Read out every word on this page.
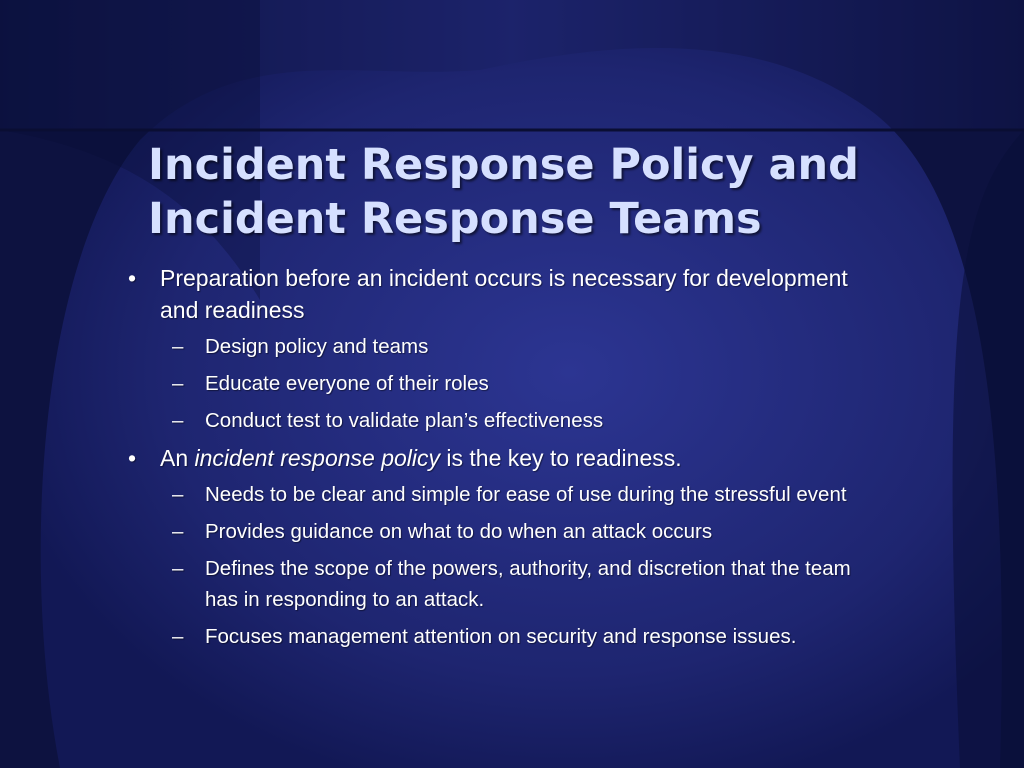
Incident Response Policy and
Incident Response Teams
• Preparation before an incident occurs is necessary for development and readiness
– Design policy and teams
– Educate everyone of their roles
– Conduct test to validate plan’s effectiveness
• An incident response policy is the key to readiness.
– Needs to be clear and simple for ease of use during the stressful event
– Provides guidance on what to do when an attack occurs
– Defines the scope of the powers, authority, and discretion that the team has in responding to an attack.
– Focuses management attention on security and response issues.
